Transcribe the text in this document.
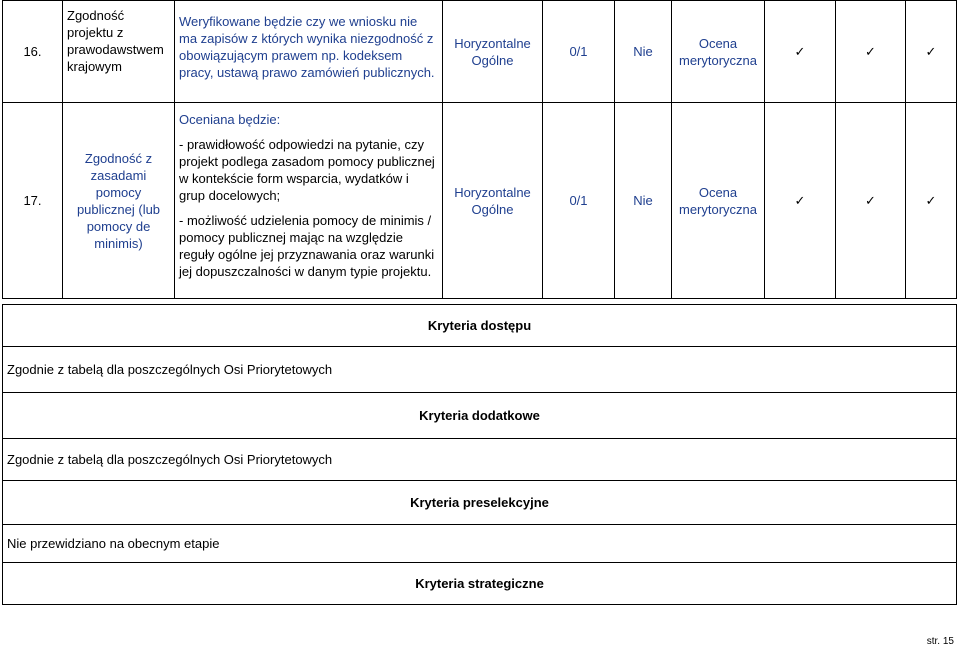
16.	Zgodność projektu z prawodawstwem krajowym	Weryfikowane będzie czy we wniosku nie ma zapisów z których wynika niezgodność z obowiązującym prawem np. kodeksem pracy, ustawą prawo zamówień publicznych.	Horyzontalne Ogólne	0/1	Nie	Ocena merytoryczna	✓	✓	✓
17.	Zgodność z zasadami pomocy publicznej (lub pomocy de minimis)	Oceniana będzie:

- prawidłowość odpowiedzi na pytanie, czy projekt podlega zasadom pomocy publicznej w kontekście form wsparcia, wydatków i grup docelowych;

- możliwość udzielenia pomocy de minimis / pomocy publicznej mając na względzie reguły ogólne jej przyznawania oraz warunki jej dopuszczalności w danym typie projektu.	Horyzontalne Ogólne	0/1	Nie	Ocena merytoryczna	✓	✓	✓

Kryteria dostępu									
Zgodnie z tabelą dla poszczególnych Osi Priorytetowych									
Kryteria dodatkowe									
Zgodnie z tabelą dla poszczególnych Osi Priorytetowych									
Kryteria preselekcyjne									
Nie przewidziano na obecnym etapie									
Kryteria strategiczne									
str. 15
